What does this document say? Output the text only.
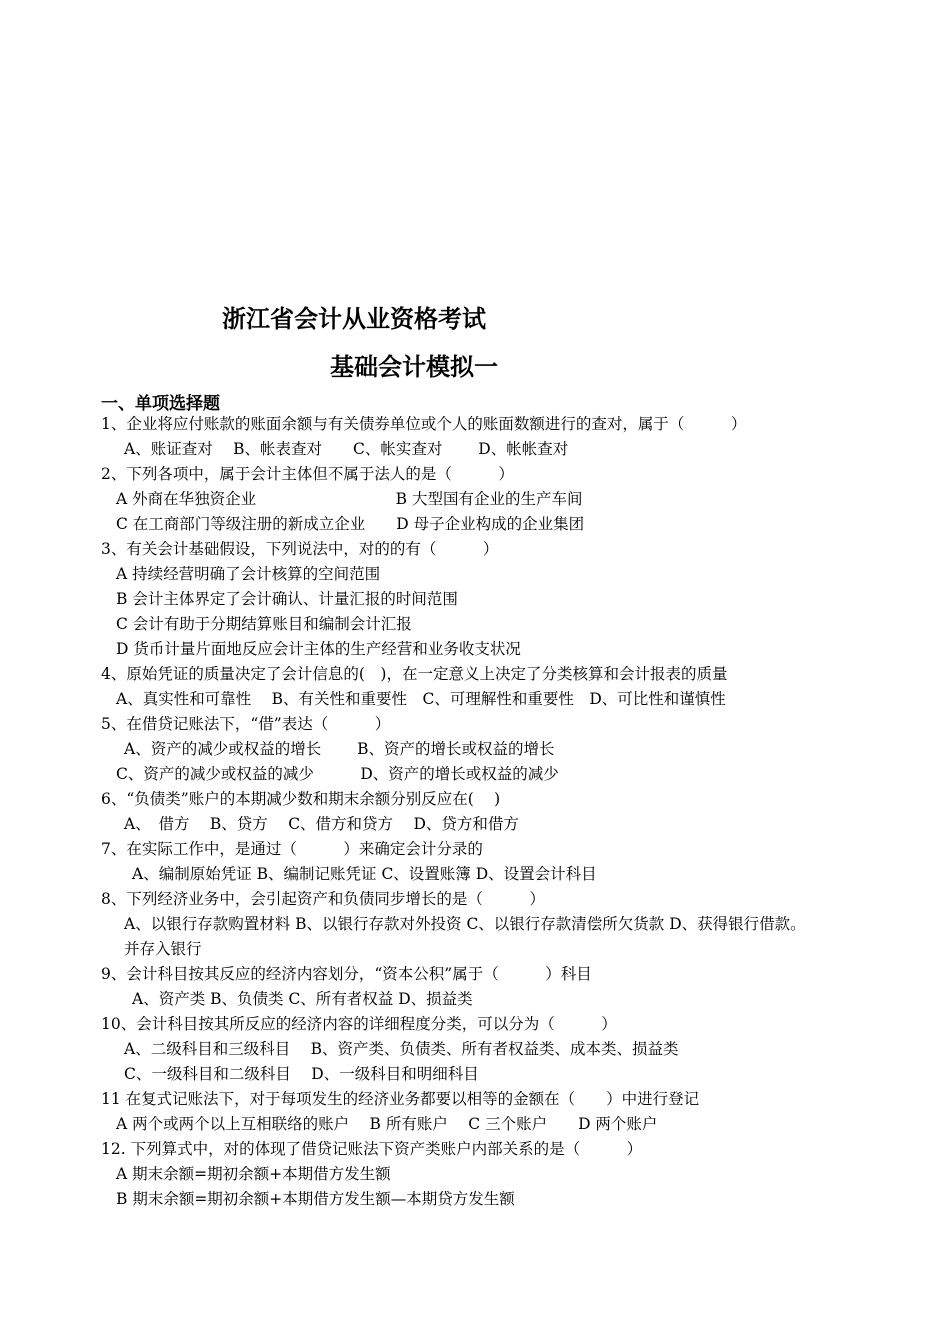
浙江省会计从业资格考试
基础会计模拟一
一、单项选择题
1、企业将应付账款的账面余额与有关债券单位或个人的账面数额进行的查对，属于（　　　）
A、账证查对　 B、帐表查对　　C、帐实查对　　 D、帐帐查对
2、下列各项中，属于会计主体但不属于法人的是（　　　）
A 外商在华独资企业　　　　　　　　　B 大型国有企业的生产车间
C 在工商部门等级注册的新成立企业　　D 母子企业构成的企业集团
3、有关会计基础假设，下列说法中，对的的有（　　　）
A 持续经营明确了会计核算的空间范围
B 会计主体界定了会计确认、计量汇报的时间范围
C 会计有助于分期结算账目和编制会计汇报
D 货币计量片面地反应会计主体的生产经营和业务收支状况
4、原始凭证的质量决定了会计信息的(　)，在一定意义上决定了分类核算和会计报表的质量
A、真实性和可靠性　 B、有关性和重要性　C、可理解性和重要性　D、可比性和谨慎性
5、在借贷记账法下，“借”表达（　　　）
A、资产的减少或权益的增长　　 B、资产的增长或权益的增长
C、资产的减少或权益的减少　　　D、资产的增长或权益的减少
6、“负债类”账户的本期减少数和期末余额分别反应在(　 )
A、　借方　 B、贷方　 C、借方和贷方　 D、贷方和借方
7、在实际工作中，是通过（　　　）来确定会计分录的
A、编制原始凭证 B、编制记账凭证 C、设置账簿 D、设置会计科目
8、下列经济业务中，会引起资产和负债同步增长的是（　　　）
A、以银行存款购置材料 B、以银行存款对外投资 C、以银行存款清偿所欠货款 D、获得银行借款。
并存入银行
9、会计科目按其反应的经济内容划分，“资本公积”属于（　　　）科目
A、资产类 B、负债类 C、所有者权益 D、损益类
10、会计科目按其所反应的经济内容的详细程度分类，可以分为（　　　）
A、二级科目和三级科目　 B、资产类、负债类、所有者权益类、成本类、损益类
C、一级科目和二级科目　 D、一级科目和明细科目
11 在复式记账法下，对于每项发生的经济业务都要以相等的金额在（　　）中进行登记
A 两个或两个以上互相联络的账户　 B 所有账户　 C 三个账户　　D 两个账户
12. 下列算式中，对的体现了借贷记账法下资产类账户内部关系的是（　　　）
A 期末余额=期初余额+本期借方发生额
B 期末余额=期初余额+本期借方发生额—本期贷方发生额
